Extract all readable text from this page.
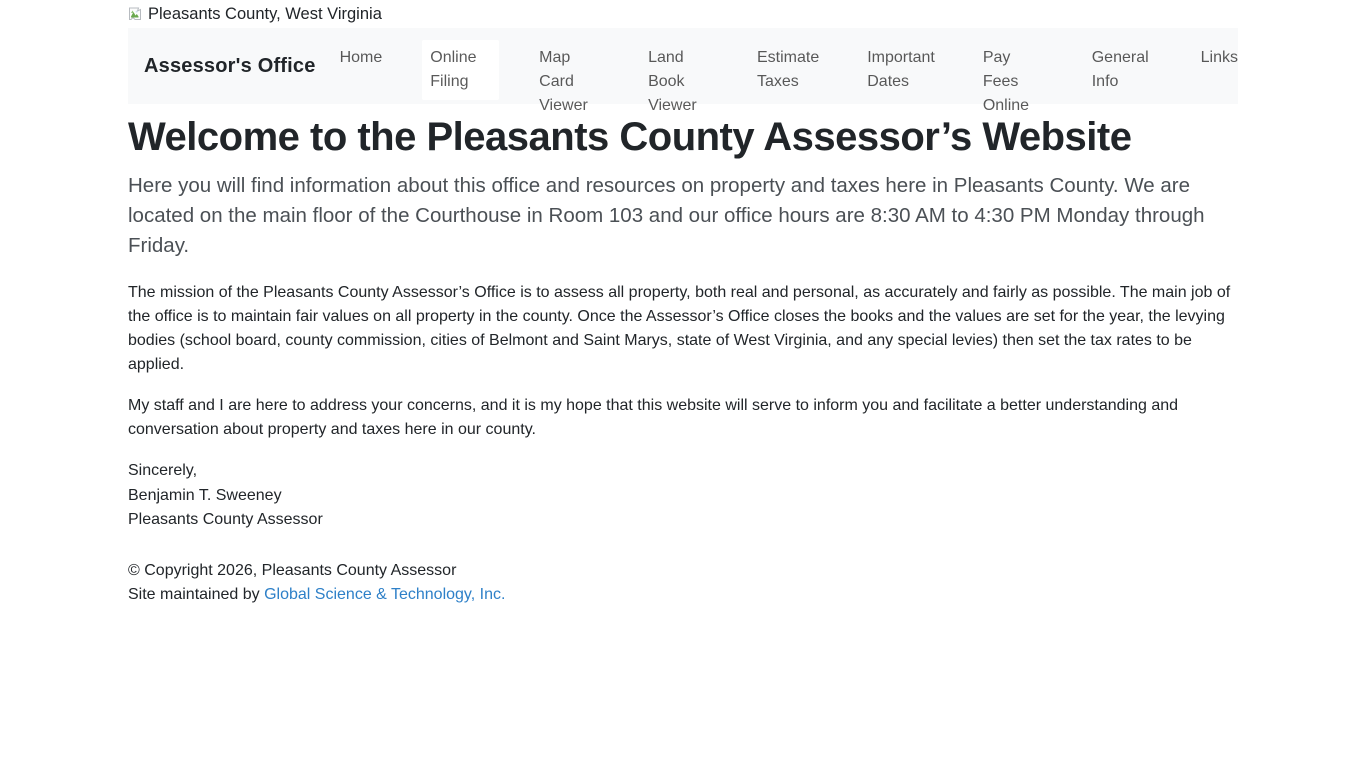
Pleasants County, West Virginia
Assessor's Office Home	Online Filing
Map Card Viewer
Land Book Viewer
Estimate Taxes
Important Dates
Pay Fees Online
General Info
Links
Welcome to the Pleasants County Assessor’s Website

Here you will find information about this office and resources on property and taxes here in Pleasants County. We are located on the main floor of the Courthouse in Room 103 and our office hours are 8:30 AM to 4:30 PM Monday through Friday.

The mission of the Pleasants County Assessor’s Office is to assess all property, both real and personal, as accurately and fairly as possible. The main job of the office is to maintain fair values on all property in the county. Once the Assessor’s Office closes the books and the values are set for the year, the levying bodies (school board, county commission, cities of Belmont and Saint Marys, state of West Virginia, and any special levies) then set the tax rates to be applied.

My staff and I are here to address your concerns, and it is my hope that this website will serve to inform you and facilitate a better understanding and conversation about property and taxes here in our county.

Sincerely,
Benjamin T. Sweeney
Pleasants County Assessor
© Copyright 2026, Pleasants County Assessor
Site maintained by Global Science & Technology, Inc.
